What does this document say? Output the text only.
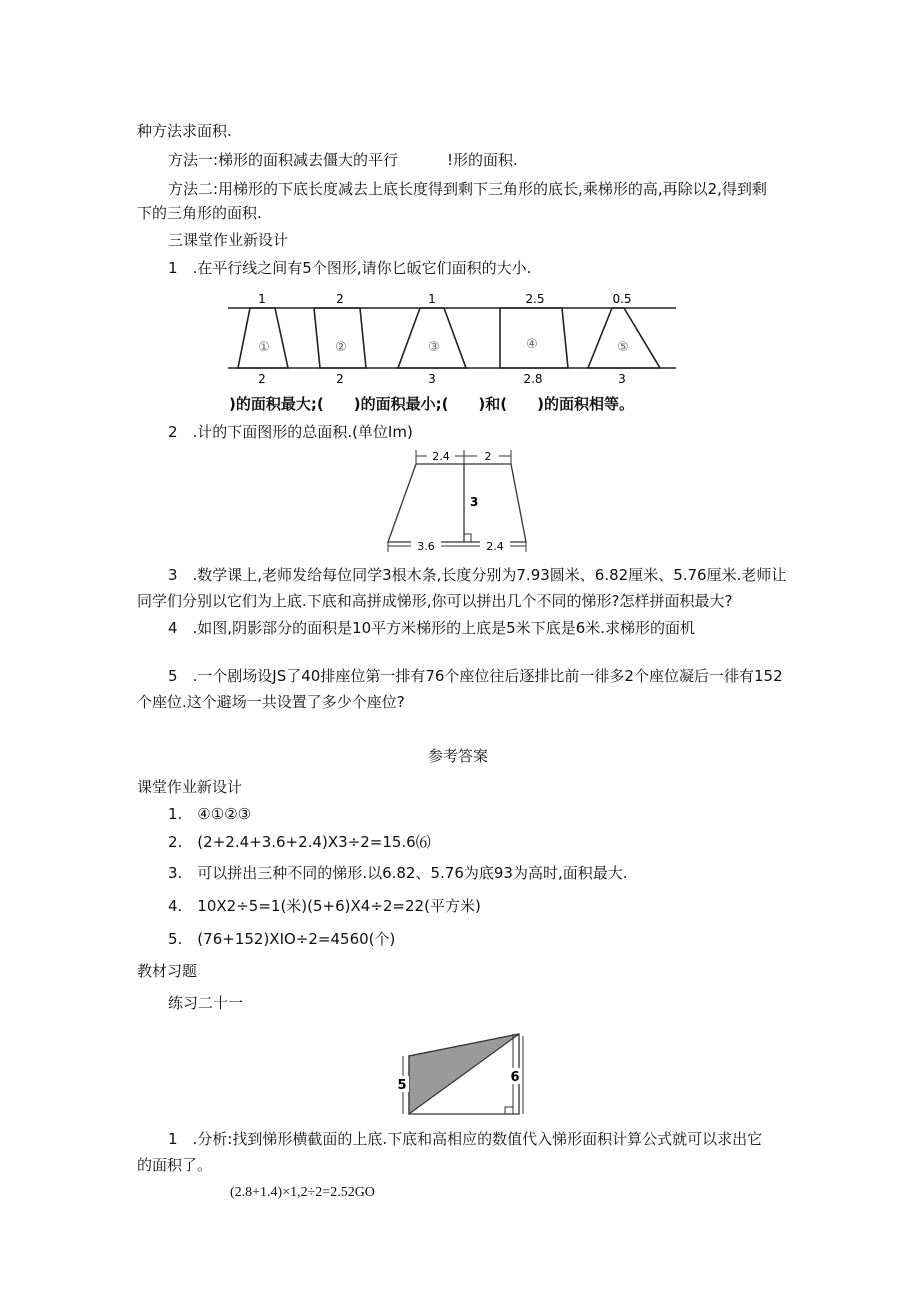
种方法求面积.
方法一:梯形的面积减去僵大的平行	!形的面积.
方法二:用梯形的下底长度减去上底长度得到剩下三角形的底长,乘梯形的高,再除以2,得到剩
下的三角形的面积.
三课堂作业新设计
1　.在平行线之间有5个图形,请你匕皈它们面积的大小.
1	2	1	2.5	0.5
①	②	③	④	⑤
2	2	3	2.8	3
)的面积最大;(　　)的面积最小;(　　)和(　　)的面积相等。
2　.计的下面图形的总面积.(单位Im)
2.4	2
3
3.6	2.4
3　.数学课上,老师发给每位同学3根木条,长度分别为7.93圆米、6.82厘米、5.76厘米.老师让
同学们分别以它们为上底.下底和高拼成悌形,你可以拼出几个不同的悌形?怎样拼面积最大?
4　.如图,阴影部分的面积是10平方米梯形的上底是5米下底是6米.求梯形的面机
5　.一个剧场设JS了40排座位第一排有76个座位往后逐排比前一徘多2个座位凝后一徘有152
个座位.这个避场一共设置了多少个座位?
参考答案
课堂作业新设计
1.　④①②③
2.　(2+2.4+3.6+2.4)X3÷2=15.6⑹
3.　可以拼出三种不同的悌形.以6.82、5.76为底93为高时,面积最大.
4.　10X2÷5=1(米)(5+6)X4÷2=22(平方米)
5.　(76+152)XIO÷2=4560(个)
教材习题
练习二十一
5
6
1　.分析:找到悌形横截面的上底.下底和高相应的数值代入悌形面积计算公式就可以求出它
的面积了。
(2.8+1.4)×1,2÷2=2.52GO
